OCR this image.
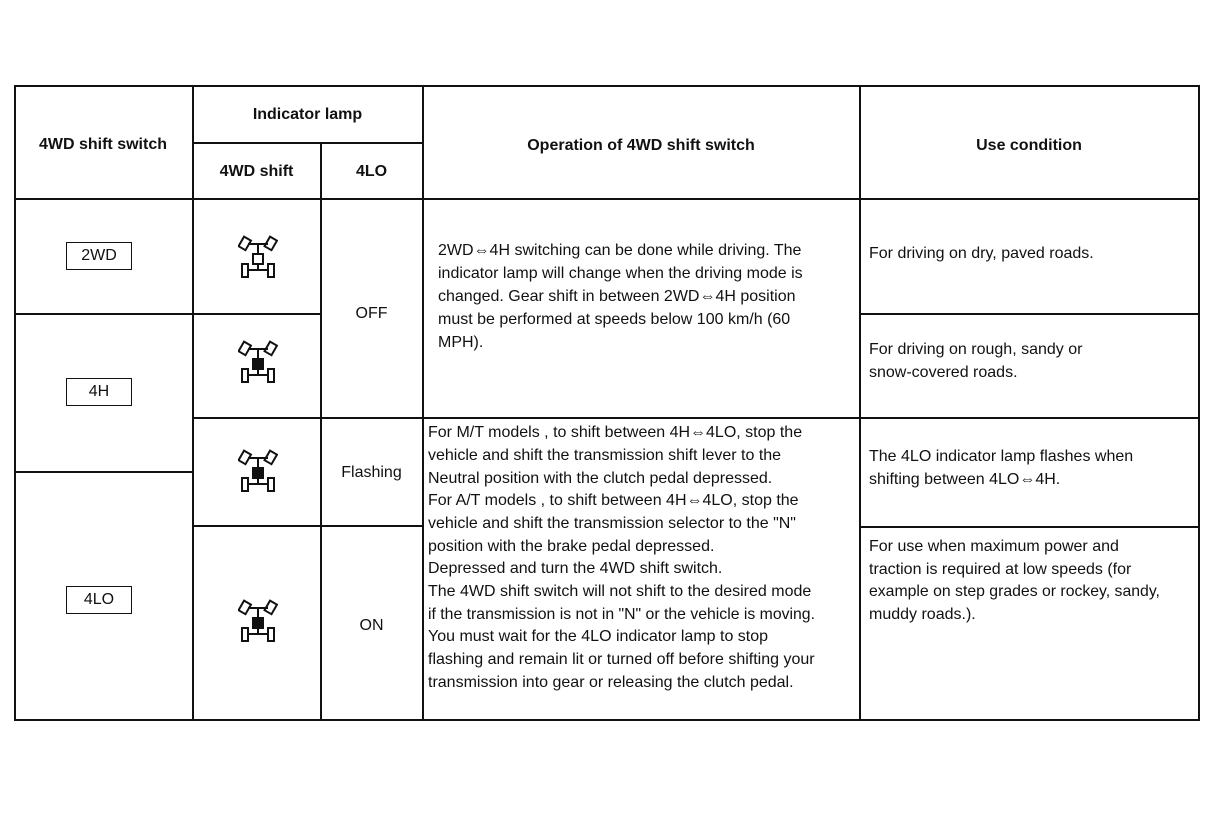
4WD shift switch
Indicator lamp
4WD shift	4LO
Operation of 4WD shift switch	Use condition
2WD
4H
4LO
OFF
Flashing
ON
2WD⇔4H switching can be done while driving. The
indicator lamp will change when the driving mode is
changed. Gear shift in between 2WD⇔4H position
must be performed at speeds below 100 km/h (60
MPH).
For M/T models , to shift between 4H⇔4LO, stop the
vehicle and shift the transmission shift lever to the
Neutral position with the clutch pedal depressed.
For A/T models , to shift between 4H⇔4LO, stop the
vehicle and shift the transmission selector to the "N"
position with the brake pedal depressed.
Depressed and turn the 4WD shift switch.
The 4WD shift switch will not shift to the desired mode
if the transmission is not in "N" or the vehicle is moving.
You must wait for the 4LO indicator lamp to stop
flashing and remain lit or turned off before shifting your
transmission into gear or releasing the clutch pedal.
For driving on dry, paved roads.
For driving on rough, sandy or
snow-covered roads.
The 4LO indicator lamp flashes when
shifting between 4LO⇔4H.
For use when maximum power and
traction is required at low speeds (for
example on step grades or rockey, sandy,
muddy roads.).
